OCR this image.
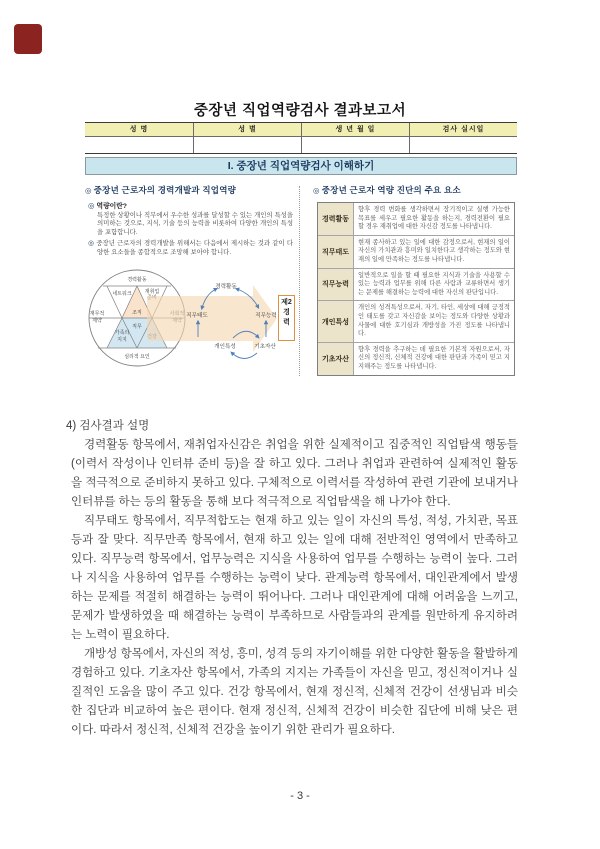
중장년 직업역량검사 결과보고서
성 명	성 별	생 년 월 일	검사 실시일
I. 중장년 직업역량검사 이해하기
◎ 중장년 근로자의 경력개발과 직업역량
◎ 역량이란?
특정한 상황이나 직무에서 우수한 성과를 달성할 수 있는 개인의 특성을 의미하는 것으로, 지식, 기술 등의 능력을 비롯하여 다양한 개인의 특성을 포함합니다.
◎ 중장년 근로자의 경력개발을 위해서는 다음에서 제시하는 것과 같이 다양한 요소들을 종합적으로 조망해 보아야 합니다.
경력활동
네트워크	재취업
조직
재무적
제약
직무
가족의
지지
심리적 요인
경력활동
직무태도	직무능력
개인특성	기초자산
제2경력
◎ 중장년 근로자 역량 진단의 주요 요소
경력활동
향후 경력 변화를 생각하면서 장기적이고 실행 가능한 목표를 세우고 필요한 활동을 하는지, 경력전환이 필요할 경우 재취업에 대한 자신감 정도를 나타냅니다.
직무태도
현재 종사하고 있는 일에 대한 감정으로서, 현재의 일이 자신의 가치관과 흥미와 일치한다고 생각하는 정도와 현재의 일에 만족하는 정도를 나타냅니다.
직무능력
일반적으로 일을 할 때 필요한 지식과 기술을 사용할 수 있는 능력과 업무를 위해 다른 사람과 교류하면서 생기는 문제를 해결하는 능력에 대한 자신의 판단입니다.
개인특성
개인의 성격특성으로서, 자기, 타인, 세상에 대해 긍정적인 태도를 갖고 자신감을 보이는 정도와 다양한 상황과 사물에 대한 호기심과 개방성을 가진 정도를 나타냅니다.
기초자산
향후 경력을 추구하는 데 필요한 기본적 자원으로서, 자신의 정신적, 신체적 건강에 대한 판단과 가족이 믿고 지지해주는 정도를 나타냅니다.
4) 검사결과 설명

경력활동 항목에서, 재취업자신감은 취업을 위한 실제적이고 집중적인 직업탐색 행동들(이력서 작성이나 인터뷰 준비 등)을 잘 하고 있다. 그러나 취업과 관련하여 실제적인 활동을 적극적으로 준비하지 못하고 있다. 구체적으로 이력서를 작성하여 관련 기관에 보내거나 인터뷰를 하는 등의 활동을 통해 보다 적극적으로 직업탐색을 해 나가야 한다.

직무태도 항목에서, 직무적합도는 현재 하고 있는 일이 자신의 특성, 적성, 가치관, 목표 등과 잘 맞다. 직무만족 항목에서, 현재 하고 있는 일에 대해 전반적인 영역에서 만족하고 있다. 직무능력 항목에서, 업무능력은 지식을 사용하여 업무를 수행하는 능력이 높다. 그러나 지식을 사용하여 업무를 수행하는 능력이 낮다. 관계능력 항목에서, 대인관계에서 발생하는 문제를 적절히 해결하는 능력이 뛰어나다. 그러나 대인관계에 대해 어려움을 느끼고, 문제가 발생하였을 때 해결하는 능력이 부족하므로 사람들과의 관계를 원만하게 유지하려는 노력이 필요하다.

개방성 항목에서, 자신의 적성, 흥미, 성격 등의 자기이해를 위한 다양한 활동을 활발하게 경험하고 있다. 기초자산 항목에서, 가족의 지지는 가족들이 자신을 믿고, 정신적이거나 실질적인 도움을 많이 주고 있다. 건강 항목에서, 현재 정신적, 신체적 건강이 선생님과 비슷한 집단과 비교하여 높은 편이다. 현재 정신적, 신체적 건강이 비슷한 집단에 비해 낮은 편이다. 따라서 정신적, 신체적 건강을 높이기 위한 관리가 필요하다.

- 3 -
